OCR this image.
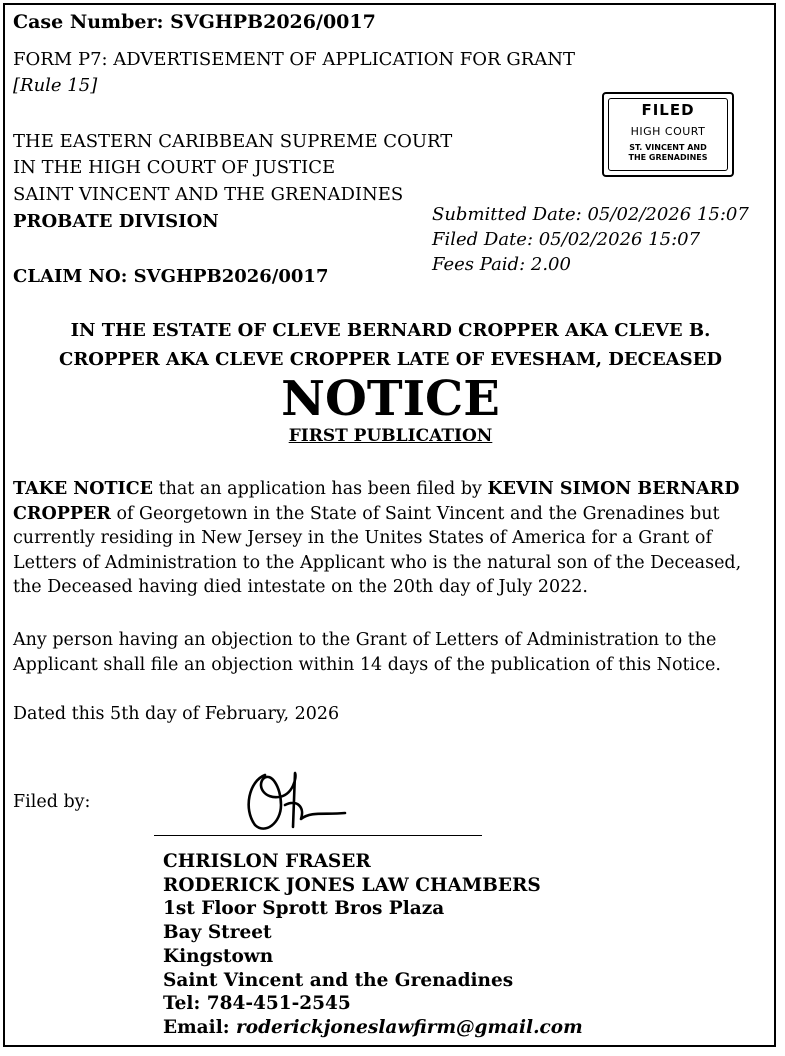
Case Number: SVGHPB2026/0017
FORM P7: ADVERTISEMENT OF APPLICATION FOR GRANT
[Rule 15]
THE EASTERN CARIBBEAN SUPREME COURT
IN THE HIGH COURT OF JUSTICE
SAINT VINCENT AND THE GRENADINES
PROBATE DIVISION
CLAIM NO: SVGHPB2026/0017
FILED
HIGH COURT
ST. VINCENT AND
THE GRENADINES
Submitted Date: 05/02/2026 15:07
Filed Date: 05/02/2026 15:07
Fees Paid: 2.00
IN THE ESTATE OF CLEVE BERNARD CROPPER AKA CLEVE B.
CROPPER AKA CLEVE CROPPER LATE OF EVESHAM, DECEASED
NOTICE
FIRST PUBLICATION
TAKE NOTICE that an application has been filed by KEVIN SIMON BERNARD CROPPER of Georgetown in the State of Saint Vincent and the Grenadines but currently residing in New Jersey in the Unites States of America for a Grant of Letters of Administration to the Applicant who is the natural son of the Deceased, the Deceased having died intestate on the 20th day of July 2022.
Any person having an objection to the Grant of Letters of Administration to the Applicant shall file an objection within 14 days of the publication of this Notice.
Dated this 5th day of February, 2026
Filed by:
CHRISLON FRASER
RODERICK JONES LAW CHAMBERS
1st Floor Sprott Bros Plaza
Bay Street
Kingstown
Saint Vincent and the Grenadines
Tel: 784-451-2545
Email: roderickjoneslawfirm@gmail.com
